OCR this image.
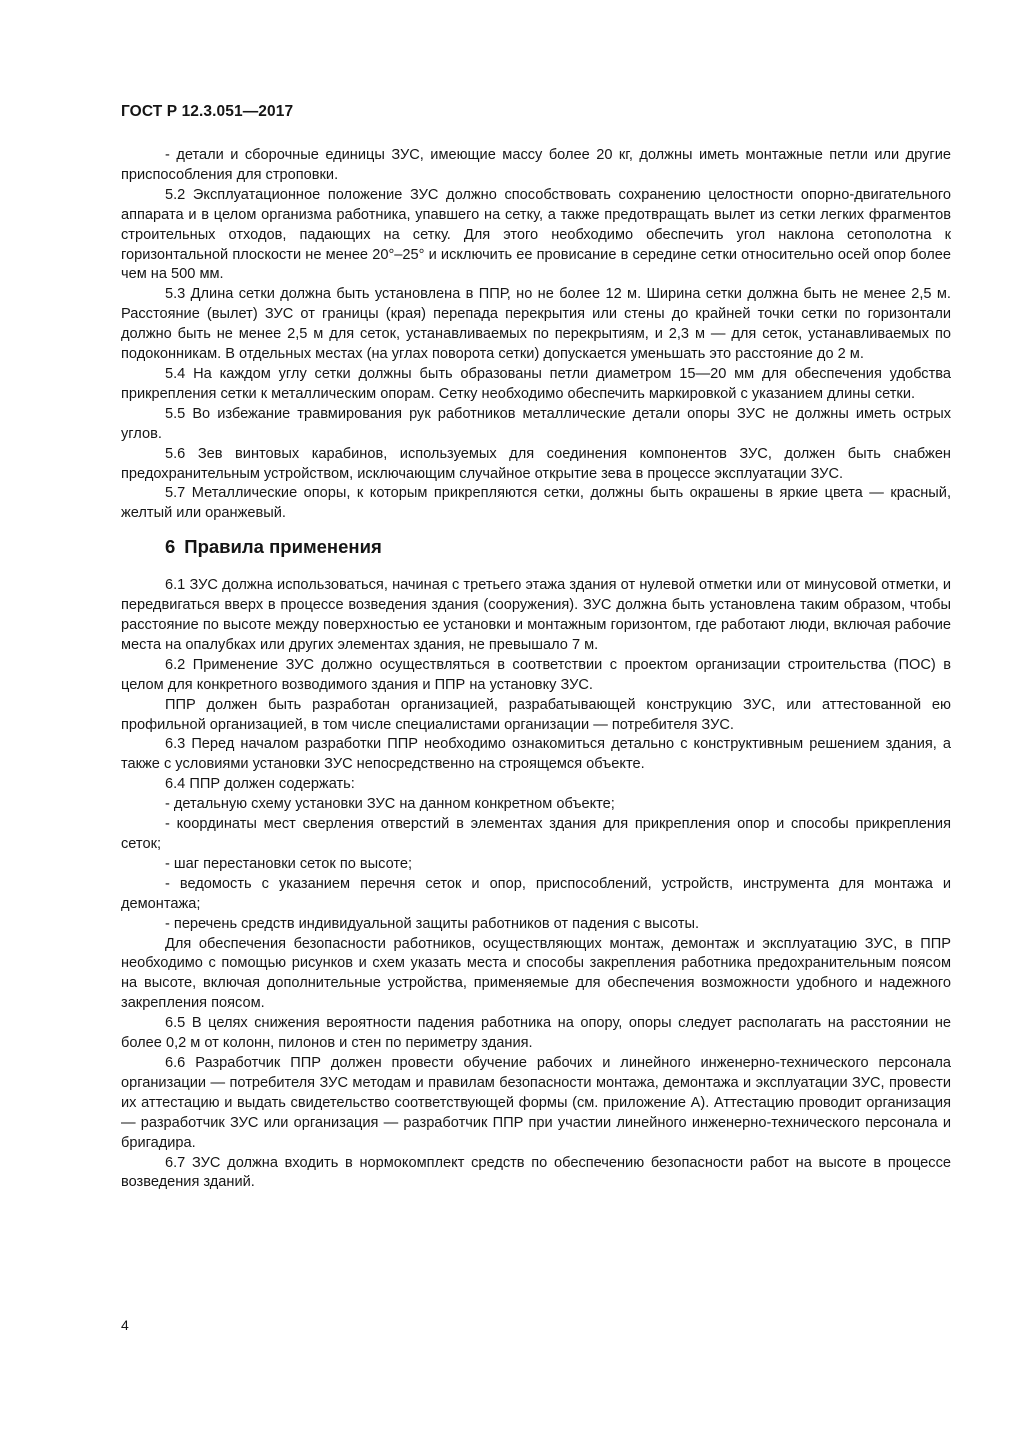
ГОСТ Р 12.3.051—2017

- детали и сборочные единицы ЗУС, имеющие массу более 20 кг, должны иметь монтажные петли или другие приспособления для строповки.

5.2 Эксплуатационное положение ЗУС должно способствовать сохранению целостности опорно-двигательного аппарата и в целом организма работника, упавшего на сетку, а также предотвращать вылет из сетки легких фрагментов строительных отходов, падающих на сетку. Для этого необходимо обеспечить угол наклона сетополотна к горизонтальной плоскости не менее 20°–25° и исключить ее провисание в середине сетки относительно осей опор более чем на 500 мм.

5.3 Длина сетки должна быть установлена в ППР, но не более 12 м. Ширина сетки должна быть не менее 2,5 м. Расстояние (вылет) ЗУС от границы (края) перепада перекрытия или стены до крайней точки сетки по горизонтали должно быть не менее 2,5 м для сеток, устанавливаемых по перекрытиям, и 2,3 м — для сеток, устанавливаемых по подоконникам. В отдельных местах (на углах поворота сетки) допускается уменьшать это расстояние до 2 м.

5.4 На каждом углу сетки должны быть образованы петли диаметром 15—20 мм для обеспечения удобства прикрепления сетки к металлическим опорам. Сетку необходимо обеспечить маркировкой с указанием длины сетки.

5.5 Во избежание травмирования рук работников металлические детали опоры ЗУС не должны иметь острых углов.

5.6 Зев винтовых карабинов, используемых для соединения компонентов ЗУС, должен быть снабжен предохранительным устройством, исключающим случайное открытие зева в процессе эксплуатации ЗУС.

5.7 Металлические опоры, к которым прикрепляются сетки, должны быть окрашены в яркие цвета — красный, желтый или оранжевый.

6 Правила применения

6.1 ЗУС должна использоваться, начиная с третьего этажа здания от нулевой отметки или от минусовой отметки, и передвигаться вверх в процессе возведения здания (сооружения). ЗУС должна быть установлена таким образом, чтобы расстояние по высоте между поверхностью ее установки и монтажным горизонтом, где работают люди, включая рабочие места на опалубках или других элементах здания, не превышало 7 м.

6.2 Применение ЗУС должно осуществляться в соответствии с проектом организации строительства (ПОС) в целом для конкретного возводимого здания и ППР на установку ЗУС.

ППР должен быть разработан организацией, разрабатывающей конструкцию ЗУС, или аттестованной ею профильной организацией, в том числе специалистами организации — потребителя ЗУС.

6.3 Перед началом разработки ППР необходимо ознакомиться детально с конструктивным решением здания, а также с условиями установки ЗУС непосредственно на строящемся объекте.

6.4 ППР должен содержать:

- детальную схему установки ЗУС на данном конкретном объекте;

- координаты мест сверления отверстий в элементах здания для прикрепления опор и способы прикрепления сеток;

- шаг перестановки сеток по высоте;

- ведомость с указанием перечня сеток и опор, приспособлений, устройств, инструмента для монтажа и демонтажа;

- перечень средств индивидуальной защиты работников от падения с высоты.

Для обеспечения безопасности работников, осуществляющих монтаж, демонтаж и эксплуатацию ЗУС, в ППР необходимо с помощью рисунков и схем указать места и способы закрепления работника предохранительным поясом на высоте, включая дополнительные устройства, применяемые для обеспечения возможности удобного и надежного закрепления поясом.

6.5 В целях снижения вероятности падения работника на опору, опоры следует располагать на расстоянии не более 0,2 м от колонн, пилонов и стен по периметру здания.

6.6 Разработчик ППР должен провести обучение рабочих и линейного инженерно-технического персонала организации — потребителя ЗУС методам и правилам безопасности монтажа, демонтажа и эксплуатации ЗУС, провести их аттестацию и выдать свидетельство соответствующей формы (см. приложение А). Аттестацию проводит организация — разработчик ЗУС или организация — разработчик ППР при участии линейного инженерно-технического персонала и бригадира.

6.7 ЗУС должна входить в нормокомплект средств по обеспечению безопасности работ на высоте в процессе возведения зданий.

4
